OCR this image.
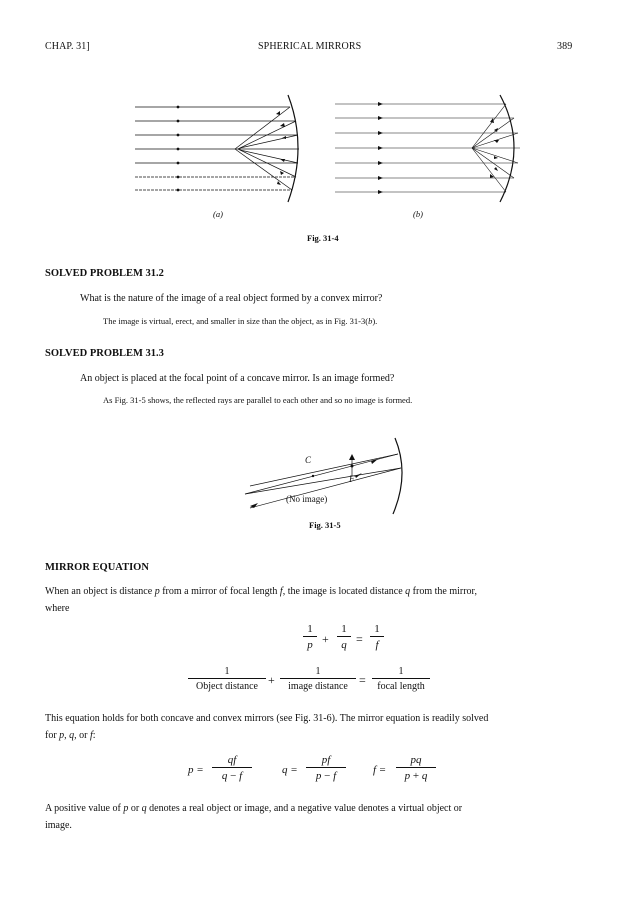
CHAP. 31]	SPHERICAL MIRRORS	389
(a)	(b)
Fig. 31-4
SOLVED PROBLEM 31.2
What is the nature of the image of a real object formed by a convex mirror?
The image is virtual, erect, and smaller in size than the object, as in Fig. 31-3(b).
SOLVED PROBLEM 31.3
An object is placed at the focal point of a concave mirror. Is an image formed?
As Fig. 31-5 shows, the reflected rays are parallel to each other and so no image is formed.
C
F
(No image)
Fig. 31-5
MIRROR EQUATION
When an object is distance p from a mirror of focal length f, the image is located distance q from the mirror,
where
1
p +
1
q =
1
f
1
Object distance +
1
image distance =
1
focal length
This equation holds for both concave and convex mirrors (see Fig. 31-6). The mirror equation is readily solved
for p, q, or f:
p =
qf
q − f	q =
pf
p − f	f =
pq
p + q
A positive value of p or q denotes a real object or image, and a negative value denotes a virtual object or
image.
